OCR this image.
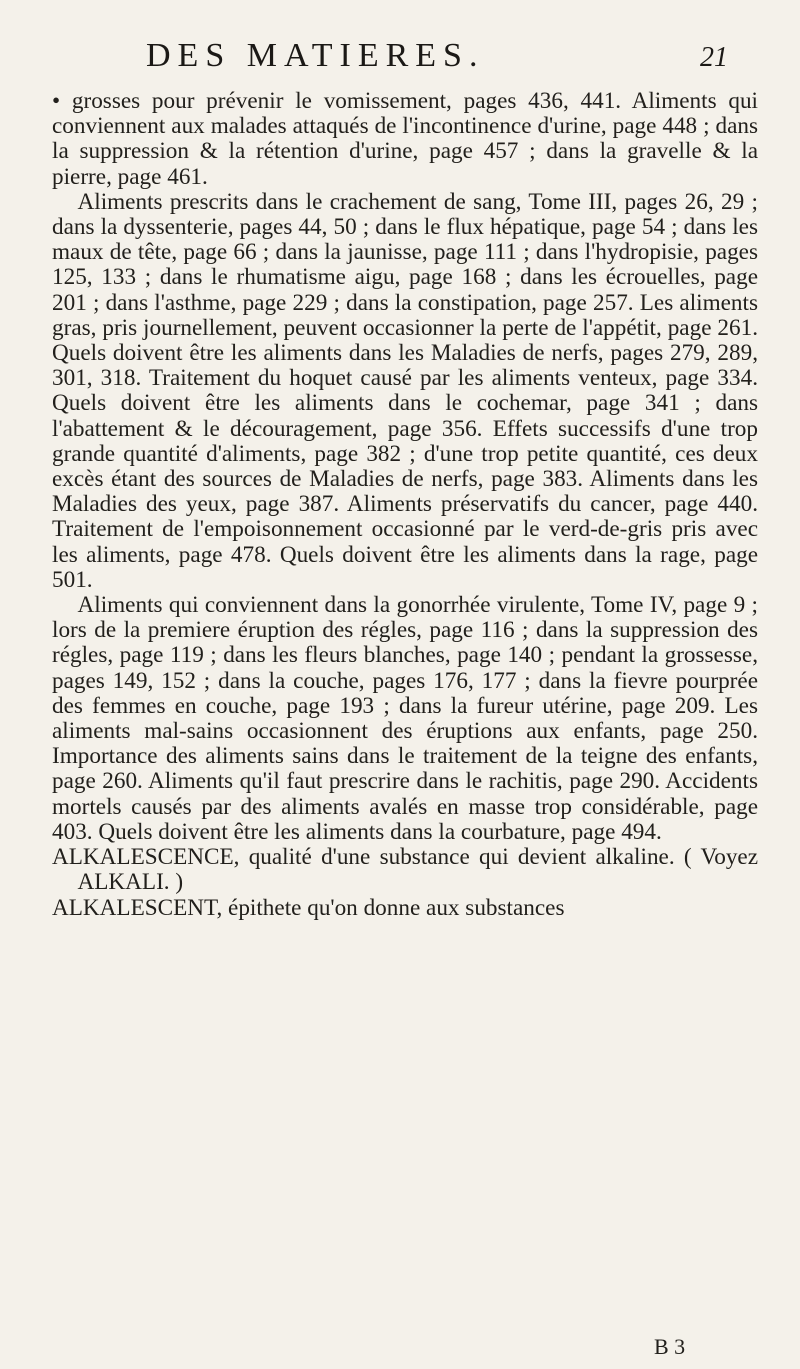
DES MATIERES.	21

• grosses pour prévenir le vomissement, pages 436, 441. Aliments qui conviennent aux malades attaqués de l'incontinence d'urine, page 448 ; dans la suppression & la rétention d'urine, page 457 ; dans la gravelle & la pierre, page 461.

Aliments prescrits dans le crachement de sang, Tome III, pages 26, 29 ; dans la dyssenterie, pages 44, 50 ; dans le flux hépatique, page 54 ; dans les maux de tête, page 66 ; dans la jaunisse, page 111 ; dans l'hydropisie, pages 125, 133 ; dans le rhumatisme aigu, page 168 ; dans les écrouelles, page 201 ; dans l'asthme, page 229 ; dans la constipation, page 257. Les aliments gras, pris journellement, peuvent occasionner la perte de l'appétit, page 261. Quels doivent être les aliments dans les Maladies de nerfs, pages 279, 289, 301, 318. Traitement du hoquet causé par les aliments venteux, page 334. Quels doivent être les aliments dans le cochemar, page 341 ; dans l'abattement & le découragement, page 356. Effets successifs d'une trop grande quantité d'aliments, page 382 ; d'une trop petite quantité, ces deux excès étant des sources de Maladies de nerfs, page 383. Aliments dans les Maladies des yeux, page 387. Aliments préservatifs du cancer, page 440. Traitement de l'empoisonnement occasionné par le verd-de-gris pris avec les aliments, page 478. Quels doivent être les aliments dans la rage, page 501.

Aliments qui conviennent dans la gonorrhée virulente, Tome IV, page 9 ; lors de la premiere éruption des régles, page 116 ; dans la suppression des régles, page 119 ; dans les fleurs blanches, page 140 ; pendant la grossesse, pages 149, 152 ; dans la couche, pages 176, 177 ; dans la fievre pourprée des femmes en couche, page 193 ; dans la fureur utérine, page 209. Les aliments mal-sains occasionnent des éruptions aux enfants, page 250. Importance des aliments sains dans le traitement de la teigne des enfants, page 260. Aliments qu'il faut prescrire dans le rachitis, page 290. Accidents mortels causés par des aliments avalés en masse trop considérable, page 403. Quels doivent être les aliments dans la courbature, page 494.

ALKALESCENCE, qualité d'une substance qui devient alkaline. ( Voyez ALKALI. )

ALKALESCENT, épithete qu'on donne aux substances

B 3
